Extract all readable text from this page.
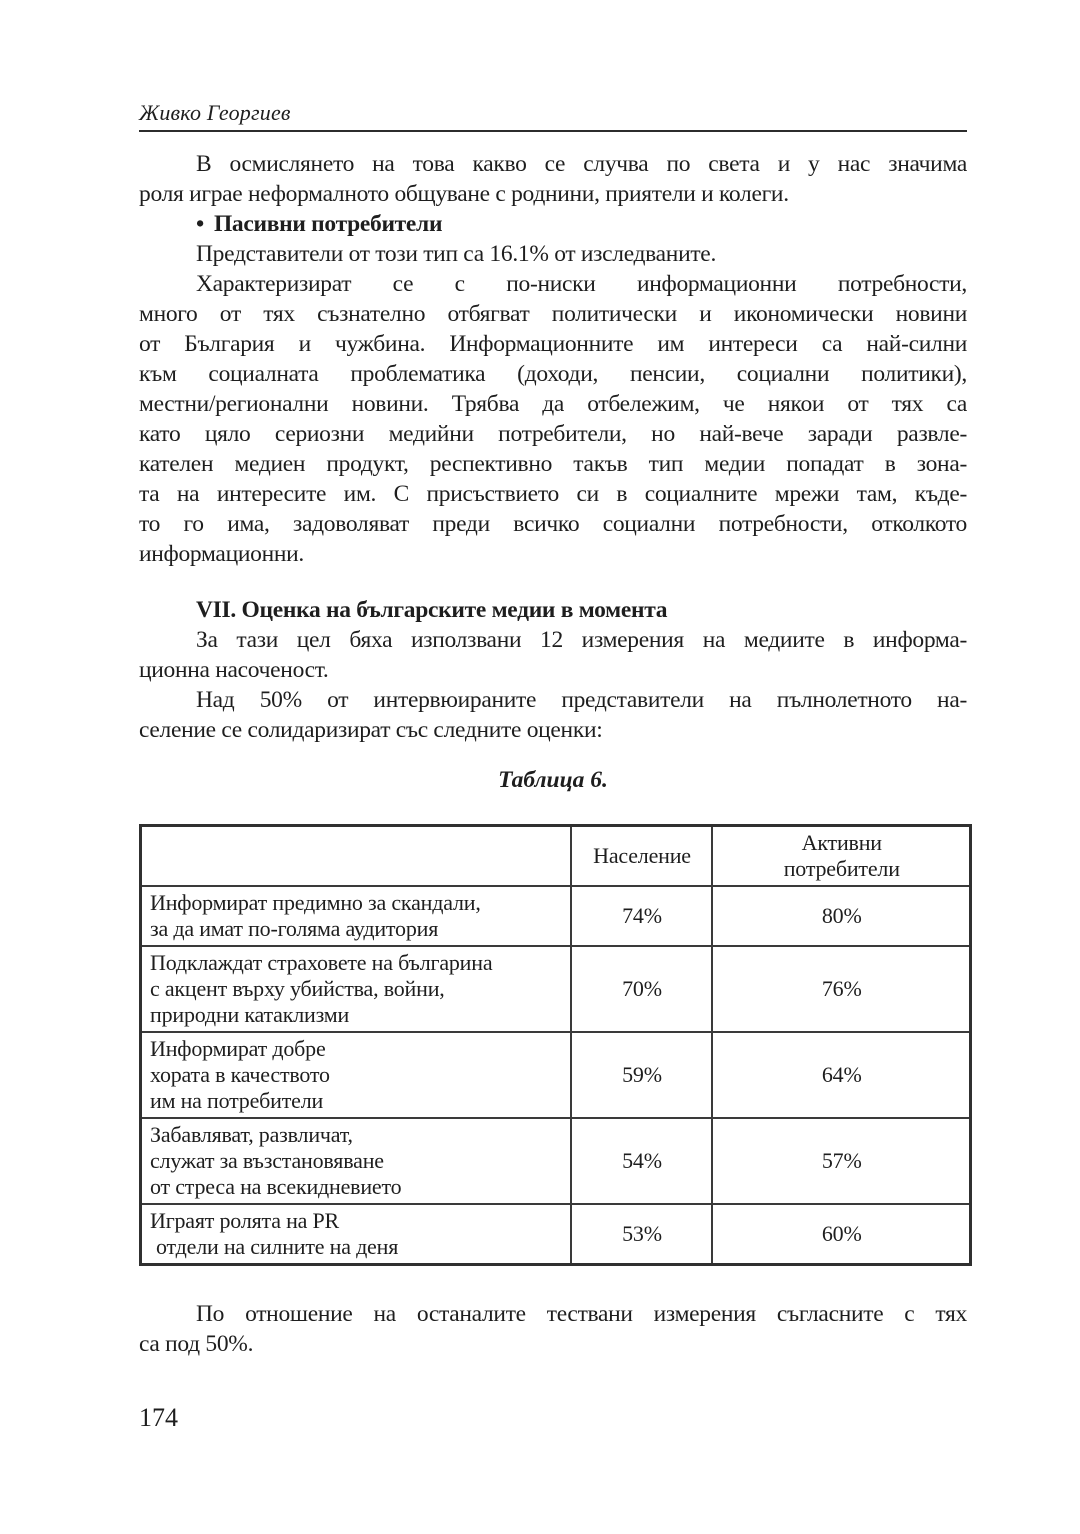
Живко Георгиев
В осмислянето на това какво се случва по света и у нас значима
роля играе неформалното общуване с роднини, приятели и колеги.
• Пасивни потребители
Представители от този тип са 16.1% от изследваните.
Характеризират се с по-ниски информационни потребности,
много от тях съзнателно отбягват политически и икономически новини
от България и чужбина. Информационните им интереси са най-силни
към социалната проблематика (доходи, пенсии, социални политики),
местни/регионални новини. Трябва да отбележим, че някои от тях са
като цяло сериозни медийни потребители, но най-вече заради развле-
кателен медиен продукт, респективно такъв тип медии попадат в зона-
та на интересите им. С присъствието си в социалните мрежи там, къде-
то го има, задоволяват преди всичко социални потребности, отколкото
информационни.
VII. Оценка на българските медии в момента
За тази цел бяха използвани 12 измерения на медиите в информа-
ционна насоченост.
Над 50% от интервюираните представители на пълнолетното на-
селение се солидаризират със следните оценки:
Таблица 6.

	Население	Активни
потребители

Информират предимно за скандали,
за да имат по-голяма аудитория	74%	80%

Подклаждат страховете на българина
с акцент върху убийства, войни,
природни катаклизми	70%	76%

Информират добре
хората в качеството
им на потребители	59%	64%

Забавляват, развличат,
служат за възстановяване
от стреса на всекидневието	54%	57%

Играят ролята на PR
отдели на силните на деня	53%	60%
По отношение на останалите тествани измерения съгласните с тях
са под 50%.
174
